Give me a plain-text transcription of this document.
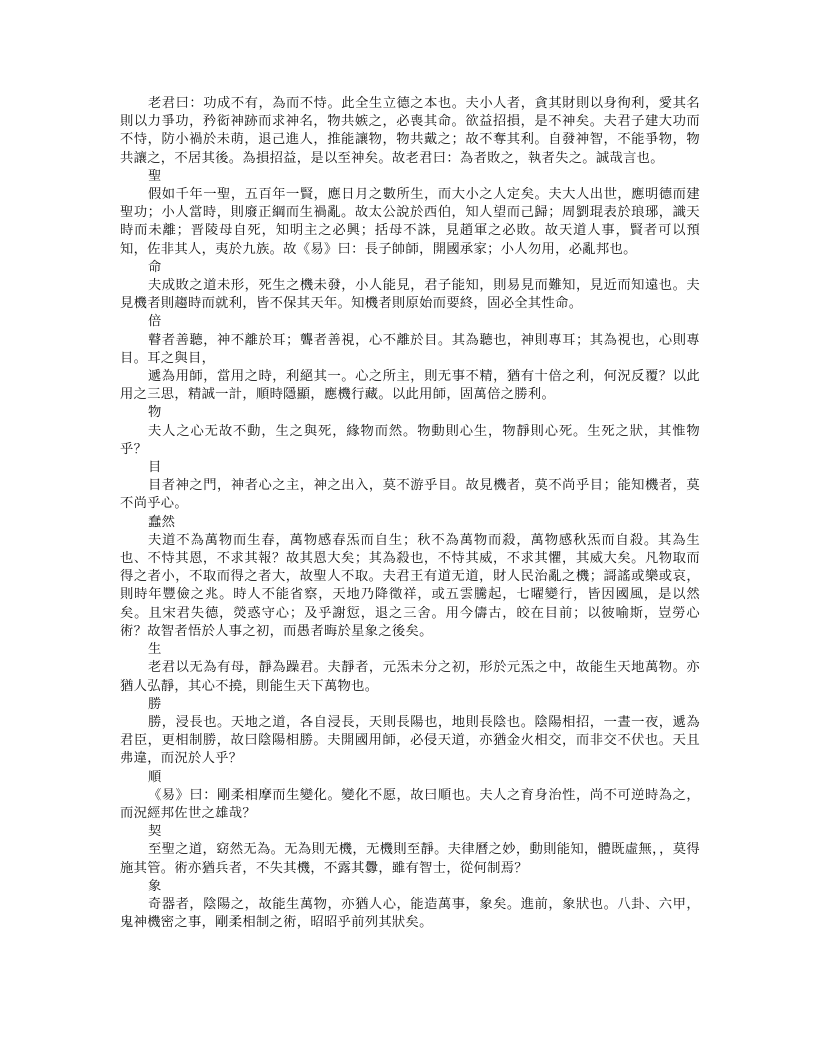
老君曰：功成不有，為而不恃。此全生立德之本也。夫小人者，貪其財則以身徇利，愛其名則以力爭功，矜衒神跡而求神名，物共嫉之，必喪其命。欲益招損，是不神矣。夫君子建大功而不恃，防小禍於未萌，退己進人，推能讓物，物共戴之；故不奪其利。自發神智，不能爭物，物共讓之，不居其後。為損招益，是以至神矣。故老君曰：為者敗之，執者失之。誠哉言也。

聖

假如千年一聖，五百年一賢，應日月之數所生，而大小之人定矣。夫大人出世，應明德而建聖功；小人當時，則廢正綱而生禍亂。故太公說於西伯，知人望而己歸；周劉琨表於琅琊，識天時而未離；晋陵母自死，知明主之必興；括母不誅，見趙軍之必敗。故天道人事，賢者可以預知，佐非其人，夷於九族。故《易》曰：長子帥師，開國承家；小人勿用，必亂邦也。

命

夫成敗之道未形，死生之機未發，小人能見，君子能知，則易見而難知，見近而知遠也。夫見機者則趨時而就利，皆不保其天年。知機者則原始而要終，固必全其性命。

倍

瞽者善聽，神不離於耳；聾者善視，心不離於目。其為聽也，神則專耳；其為視也，心則專目。耳之與目，

遞為用師，當用之時，利絕其一。心之所主，則无事不精，猶有十倍之利，何況反覆？以此用之三思，精誠一計，順時隱顯，應機行藏。以此用師，固萬倍之勝利。

物

夫人之心无故不動，生之與死，緣物而然。物動則心生，物靜則心死。生死之狀，其惟物乎？

目

目者神之門，神者心之主，神之出入，莫不游乎目。故見機者，莫不尚乎目；能知機者，莫不尚乎心。

蠢然

夫道不為萬物而生春，萬物感春炁而自生；秋不為萬物而殺，萬物感秋炁而自殺。其為生也、不恃其恩，不求其報？故其恩大矣；其為殺也，不恃其威，不求其懼，其威大矣。凡物取而得之者小，不取而得之者大，故聖人不取。夫君王有道无道，財人民治亂之機；謌謠或樂或哀，則時年豐儉之兆。時人不能省察，天地乃降徵祥，或五雲騰起，七曜變行，皆因國風，是以然矣。且宋君失德，熒惑守心；及乎謝愆，退之三舍。用今儔古，皎在目前；以彼喻斯，豈勞心術？故智者悟於人事之初，而愚者晦於星象之後矣。

生

老君以无為有母，靜為躁君。夫靜者，元炁未分之初，形於元炁之中，故能生天地萬物。亦猶人弘靜，其心不撓，則能生天下萬物也。

勝

勝，浸長也。天地之道，各自浸長，天則長陽也，地則長陰也。陰陽相招，一晝一夜，遞為君臣，更相制勝，故曰陰陽相勝。夫開國用師，必侵天道，亦猶金火相交，而非交不伏也。天且弗違，而況於人乎？

順

《易》曰：剛柔相摩而生變化。變化不愿，故曰順也。夫人之育身治性，尚不可逆時為之，而況經邦佐世之雄哉？

契

至聖之道，窈然无為。无為則无機，无機則至靜。夫律曆之妙，動則能知，體既虛無，，莫得施其管。術亦猶兵者，不失其機，不露其釁，雖有智士，從何制焉？

象

奇器者，陰陽之，故能生萬物，亦猶人心，能造萬事，象矣。進前，象狀也。八卦、六甲，鬼神機密之事，剛柔相制之術，昭昭乎前列其狀矣。
